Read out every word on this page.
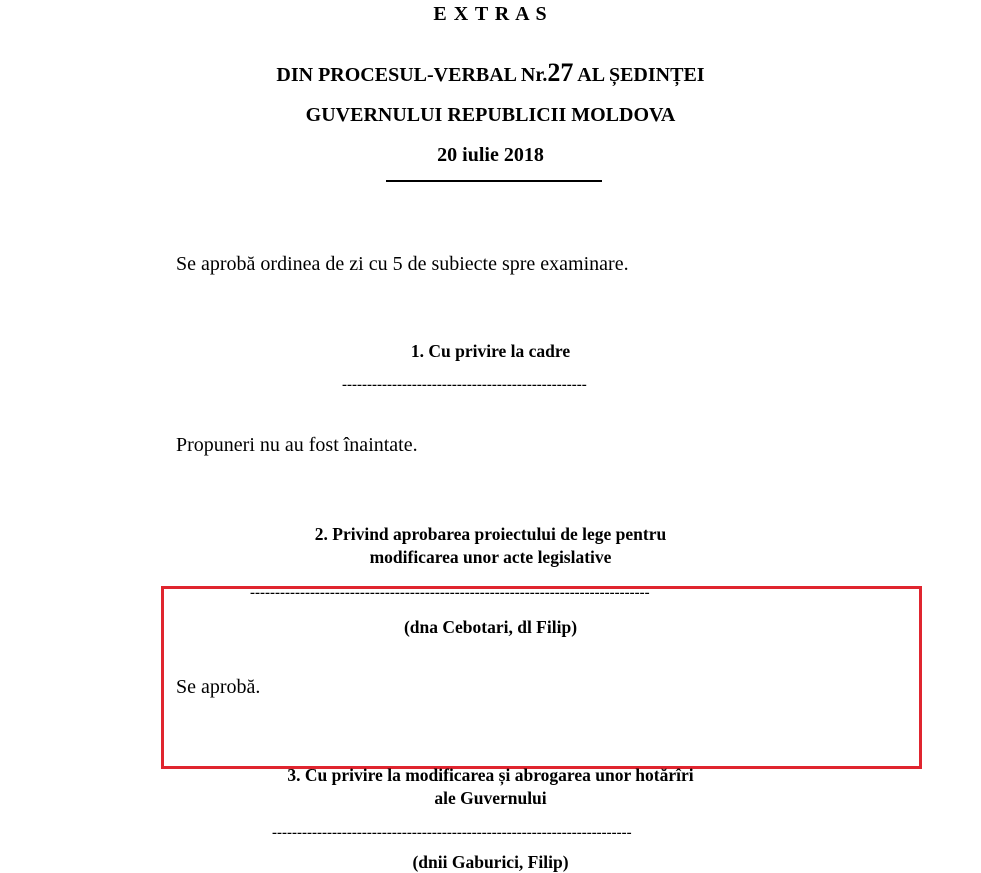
E X T R A S
DIN PROCESUL-VERBAL Nr.27 AL ȘEDINȚEI
GUVERNULUI REPUBLICII MOLDOVA
20 iulie 2018
Se aprobă ordinea de zi cu 5 de subiecte spre examinare.
1. Cu privire la cadre
-------------------------------------------------
Propuneri nu au fost înaintate.
2. Privind aprobarea proiectului de lege pentru
modificarea unor acte legislative
--------------------------------------------------------------------------------
(dna Cebotari, dl Filip)
Se aprobă.
3. Cu privire la modificarea și abrogarea unor hotărîri
ale Guvernului
------------------------------------------------------------------------
(dnii Gaburici, Filip)
